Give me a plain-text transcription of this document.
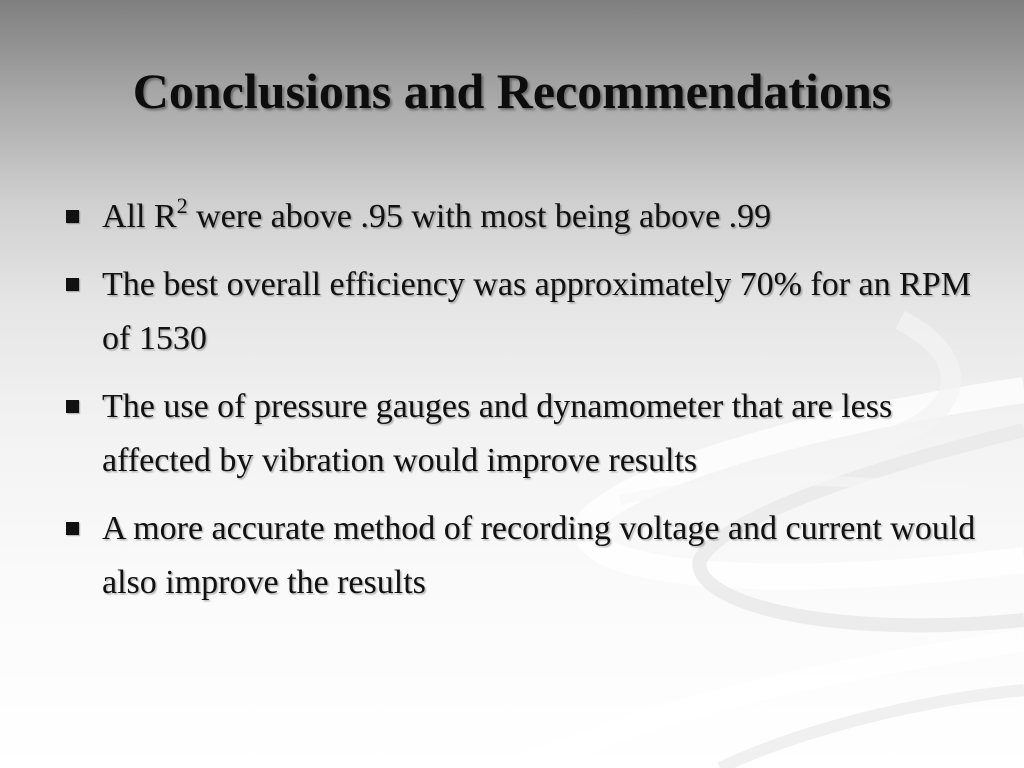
Conclusions and Recommendations
All $R^2$ were above .95 with most being above .99
The best overall efficiency was approximately 70% for an RPM of 1530
The use of pressure gauges and dynamometer that are less affected by vibration would improve results
A more accurate method of recording voltage and current would also improve the results
